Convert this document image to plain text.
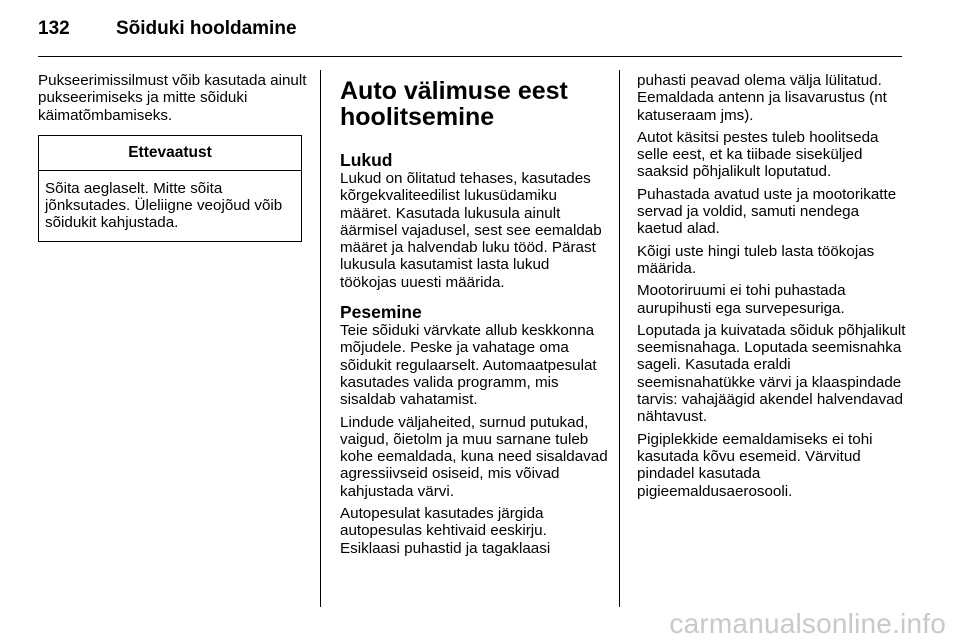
132 Sõiduki hooldamine

Pukseerimissilmust võib kasutada ainult pukseerimiseks ja mitte sõiduki käimatõmbamiseks.

Ettevaatust
Sõita aeglaselt. Mitte sõita jõnksutades. Üleliigne veojõud võib sõidukit kahjustada.
Auto välimuse eest hoolitsemine
Lukud

Lukud on õlitatud tehases, kasutades kõrgekvaliteedilist lukusüdamiku määret. Kasutada lukusula ainult äärmisel vajadusel, sest see eemaldab määret ja halvendab luku tööd. Pärast lukusula kasutamist lasta lukud töökojas uuesti määrida.

Pesemine

Teie sõiduki värvkate allub keskkonna mõjudele. Peske ja vahatage oma sõidukit regulaarselt. Automaatpesulat kasutades valida programm, mis sisaldab vahatamist.

Lindude väljaheited, surnud putukad, vaigud, õietolm ja muu sarnane tuleb kohe eemaldada, kuna need sisaldavad agressiivseid osiseid, mis võivad kahjustada värvi.

Autopesulat kasutades järgida autopesulas kehtivaid eeskirju. Esiklaasi puhastid ja tagaklaasi

puhasti peavad olema välja lülitatud. Eemaldada antenn ja lisavarustus (nt katuseraam jms).

Autot käsitsi pestes tuleb hoolitseda selle eest, et ka tiibade siseküljed saaksid põhjalikult loputatud.

Puhastada avatud uste ja mootorikatte servad ja voldid, samuti nendega kaetud alad.

Kõigi uste hingi tuleb lasta töökojas määrida.

Mootoriruumi ei tohi puhastada aurupihusti ega survepesuriga.

Loputada ja kuivatada sõiduk põhjalikult seemisnahaga. Loputada seemisnahka sageli. Kasutada eraldi seemisnahatükke värvi ja klaaspindade tarvis: vahajäägid akendel halvendavad nähtavust.

Pigiplekkide eemaldamiseks ei tohi kasutada kõvu esemeid. Värvitud pindadel kasutada pigieemaldusaerosooli.

carmanualsonline.info
